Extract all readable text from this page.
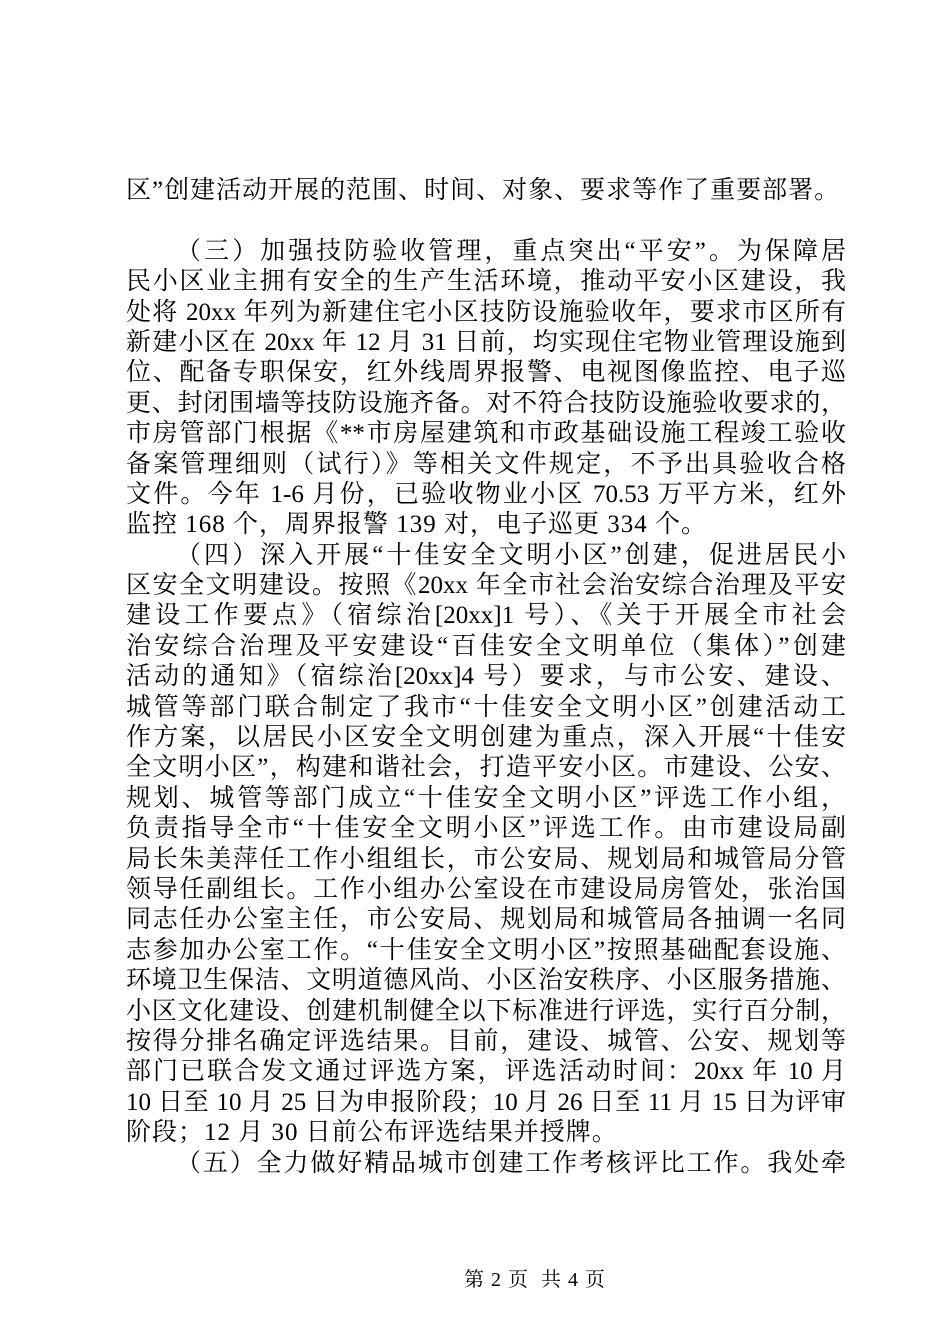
区”创建活动开展的范围、时间、对象、要求等作了重要部署。
（三）加强技防验收管理，重点突出“平安”。为保障居
民小区业主拥有安全的生产生活环境，推动平安小区建设，我
处将 20xx 年列为新建住宅小区技防设施验收年，要求市区所有
新建小区在 20xx 年 12 月 31 日前，均实现住宅物业管理设施到
位、配备专职保安，红外线周界报警、电视图像监控、电子巡
更、封闭围墙等技防设施齐备。对不符合技防设施验收要求的，
市房管部门根据《**市房屋建筑和市政基础设施工程竣工验收
备案管理细则（试行）》等相关文件规定，不予出具验收合格
文件。今年 1-6 月份，已验收物业小区 70.53 万平方米，红外
监控 168 个，周界报警 139 对，电子巡更 334 个。
（四）深入开展“十佳安全文明小区”创建，促进居民小
区安全文明建设。按照《20xx 年全市社会治安综合治理及平安
建设工作要点》（宿综治[20xx]1 号）、《关于开展全市社会
治安综合治理及平安建设“百佳安全文明单位（集体）”创建
活动的通知》（宿综治[20xx]4 号）要求，与市公安、建设、
城管等部门联合制定了我市“十佳安全文明小区”创建活动工
作方案，以居民小区安全文明创建为重点，深入开展“十佳安
全文明小区”，构建和谐社会，打造平安小区。市建设、公安、
规划、城管等部门成立“十佳安全文明小区”评选工作小组，
负责指导全市“十佳安全文明小区”评选工作。由市建设局副
局长朱美萍任工作小组组长，市公安局、规划局和城管局分管
领导任副组长。工作小组办公室设在市建设局房管处，张治国
同志任办公室主任，市公安局、规划局和城管局各抽调一名同
志参加办公室工作。“十佳安全文明小区”按照基础配套设施、
环境卫生保洁、文明道德风尚、小区治安秩序、小区服务措施、
小区文化建设、创建机制健全以下标准进行评选，实行百分制，
按得分排名确定评选结果。目前，建设、城管、公安、规划等
部门已联合发文通过评选方案，评选活动时间：20xx 年 10 月
10 日至 10 月 25 日为申报阶段；10 月 26 日至 11 月 15 日为评审
阶段；12 月 30 日前公布评选结果并授牌。
（五）全力做好精品城市创建工作考核评比工作。我处牵

第 2 页  共 4 页
